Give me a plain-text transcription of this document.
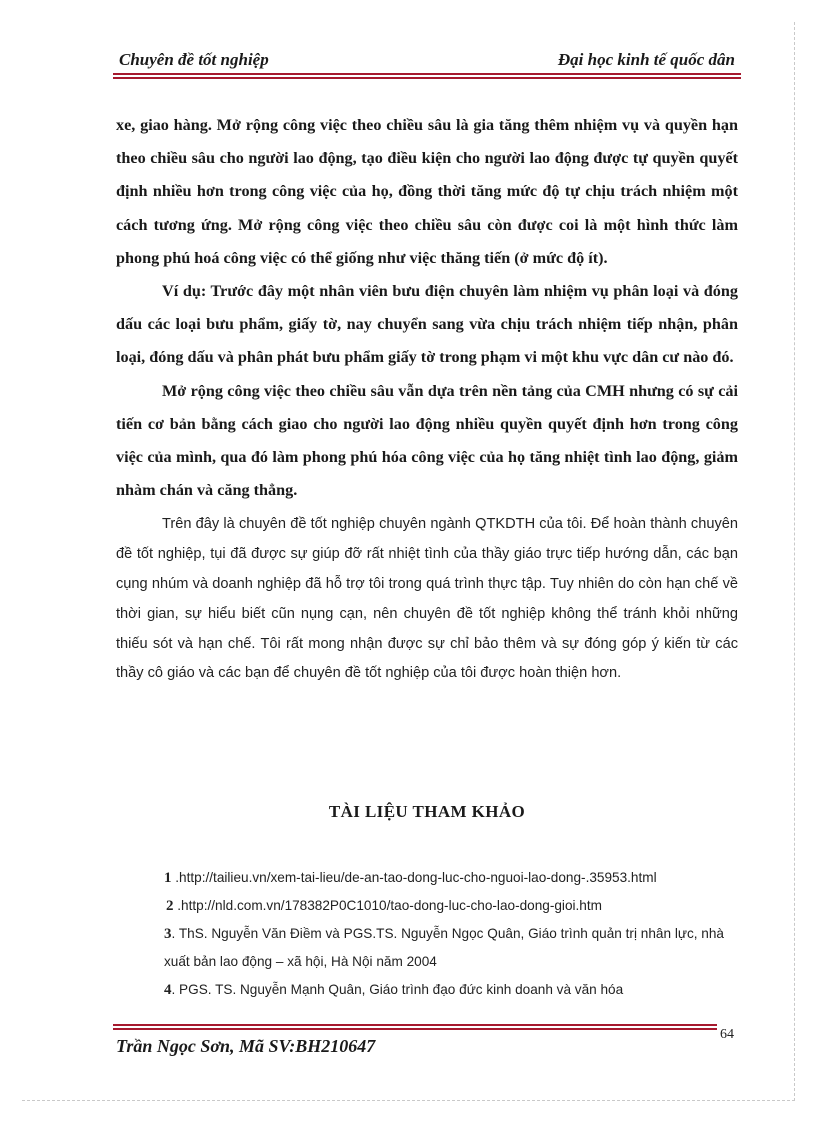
Chuyên đề tốt nghiệp	Đại học kinh tế quốc dân

xe, giao hàng. Mở rộng công việc theo chiều sâu là gia tăng thêm nhiệm vụ và quyền hạn theo chiều sâu cho người lao động, tạo điều kiện cho người lao động được tự quyền quyết định nhiều hơn trong công việc của họ, đồng thời tăng mức độ tự chịu trách nhiệm một cách tương ứng. Mở rộng công việc theo chiều sâu còn được coi là một hình thức làm phong phú hoá công việc có thể giống như việc thăng tiến (ở mức độ ít).

Ví dụ: Trước đây một nhân viên bưu điện chuyên làm nhiệm vụ phân loại và đóng dấu các loại bưu phẩm, giấy tờ, nay chuyển sang vừa chịu trách nhiệm tiếp nhận, phân loại, đóng dấu và phân phát bưu phẩm giấy tờ trong phạm vi một khu vực dân cư nào đó.

Mở rộng công việc theo chiều sâu vẫn dựa trên nền tảng của CMH nhưng có sự cải tiến cơ bản bằng cách giao cho người lao động nhiều quyền quyết định hơn trong công việc của mình, qua đó làm phong phú hóa công việc của họ tăng nhiệt tình lao động, giảm nhàm chán và căng thẳng.

Trên đây là chuyên đề tốt nghiệp chuyên ngành QTKDTH của tôi. Để hoàn thành chuyên đề tốt nghiệp, tụi đã được sự giúp đỡ rất nhiệt tình của thầy giáo trực tiếp hướng dẫn, các bạn cụng nhúm và doanh nghiệp đã hỗ trợ tôi trong quá trình thực tập. Tuy nhiên do còn hạn chế về thời gian, sự hiểu biết cũn nụng cạn, nên chuyên đề tốt nghiệp không thể tránh khỏi những thiếu sót và hạn chế. Tôi rất mong nhận được sự chỉ bảo thêm và sự đóng góp ý kiến từ các thầy cô giáo và các bạn để chuyên đề tốt nghiệp của tôi được hoàn thiện hơn.

TÀI LIỆU THAM KHẢO
1 .http://tailieu.vn/xem-tai-lieu/de-an-tao-dong-luc-cho-nguoi-lao-dong-.35953.html
2 .http://nld.com.vn/178382P0C1010/tao-dong-luc-cho-lao-dong-gioi.htm
3. ThS. Nguyễn Văn Điềm và PGS.TS. Nguyễn Ngọc Quân, Giáo trình quản trị nhân lực, nhà xuất bản lao động – xã hội, Hà Nội năm 2004
4. PGS. TS. Nguyễn Mạnh Quân, Giáo trình đạo đức kinh doanh và văn hóa
Trần Ngọc Sơn, Mã SV:BH210647
64
